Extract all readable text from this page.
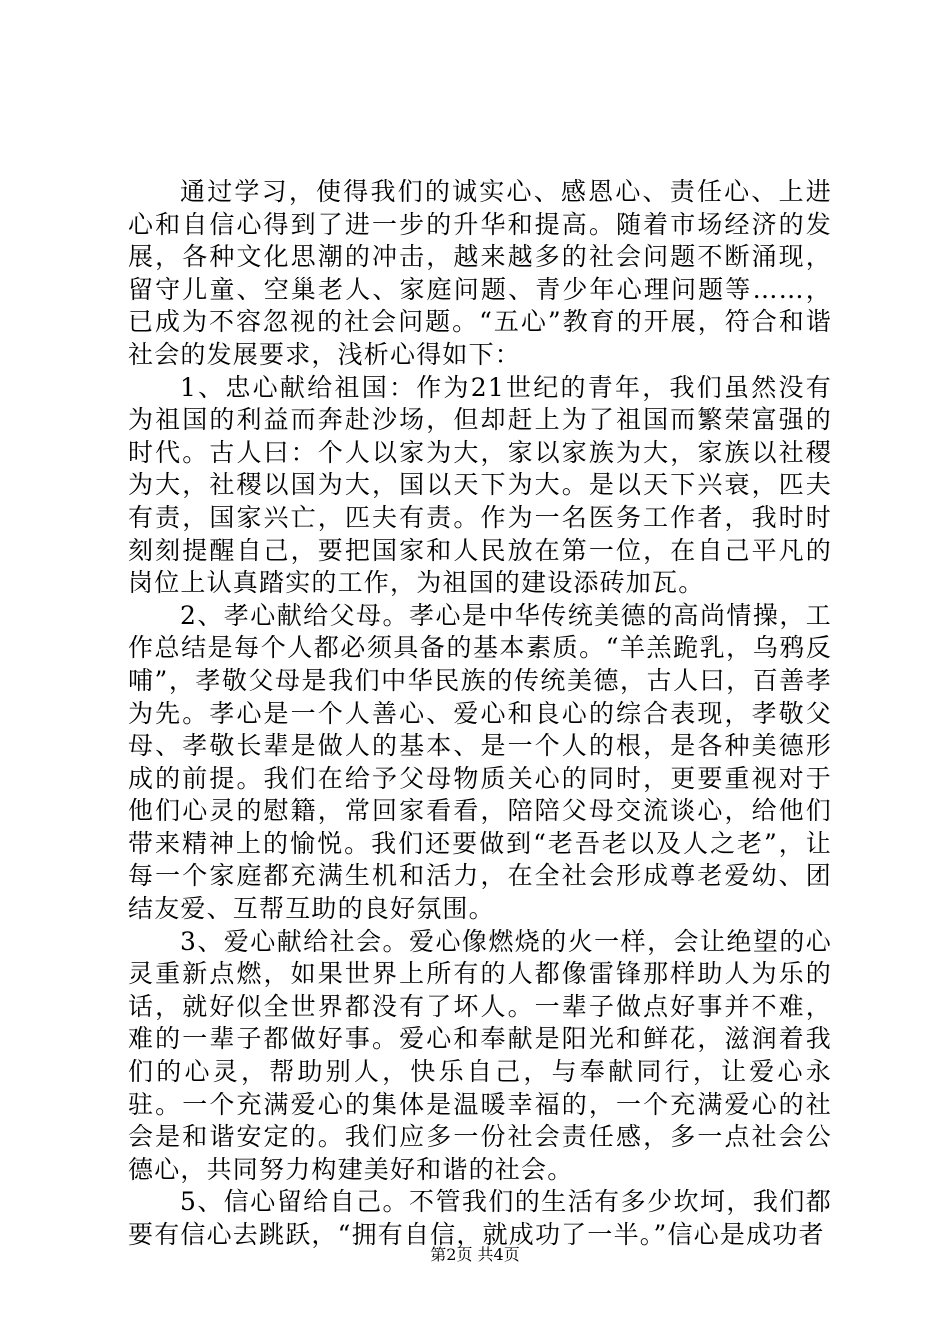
通过学习，使得我们的诚实心、感恩心、责任心、上进心和自信心得到了进一步的升华和提高。随着市场经济的发展，各种文化思潮的冲击，越来越多的社会问题不断涌现，留守儿童、空巢老人、家庭问题、青少年心理问题等……，已成为不容忽视的社会问题。“五心”教育的开展，符合和谐社会的发展要求，浅析心得如下：

1、忠心献给祖国：作为21世纪的青年，我们虽然没有为祖国的利益而奔赴沙场，但却赶上为了祖国而繁荣富强的时代。古人曰：个人以家为大，家以家族为大，家族以社稷为大，社稷以国为大，国以天下为大。是以天下兴衰，匹夫有责，国家兴亡，匹夫有责。作为一名医务工作者，我时时刻刻提醒自己，要把国家和人民放在第一位，在自己平凡的岗位上认真踏实的工作，为祖国的建设添砖加瓦。

2、孝心献给父母。孝心是中华传统美德的高尚情操，工作总结是每个人都必须具备的基本素质。“羊羔跪乳，乌鸦反哺”，孝敬父母是我们中华民族的传统美德，古人曰，百善孝为先。孝心是一个人善心、爱心和良心的综合表现，孝敬父母、孝敬长辈是做人的基本、是一个人的根，是各种美德形成的前提。我们在给予父母物质关心的同时，更要重视对于他们心灵的慰籍，常回家看看，陪陪父母交流谈心，给他们带来精神上的愉悦。我们还要做到“老吾老以及人之老”，让每一个家庭都充满生机和活力，在全社会形成尊老爱幼、团结友爱、互帮互助的良好氛围。

3、爱心献给社会。爱心像燃烧的火一样，会让绝望的心灵重新点燃，如果世界上所有的人都像雷锋那样助人为乐的话，就好似全世界都没有了坏人。一辈子做点好事并不难，难的一辈子都做好事。爱心和奉献是阳光和鲜花，滋润着我们的心灵，帮助别人，快乐自己，与奉献同行，让爱心永驻。一个充满爱心的集体是温暖幸福的，一个充满爱心的社会是和谐安定的。我们应多一份社会责任感，多一点社会公德心，共同努力构建美好和谐的社会。

5、信心留给自己。不管我们的生活有多少坎坷，我们都要有信心去跳跃，“拥有自信，就成功了一半。”信心是成功者

第2页 共4页
